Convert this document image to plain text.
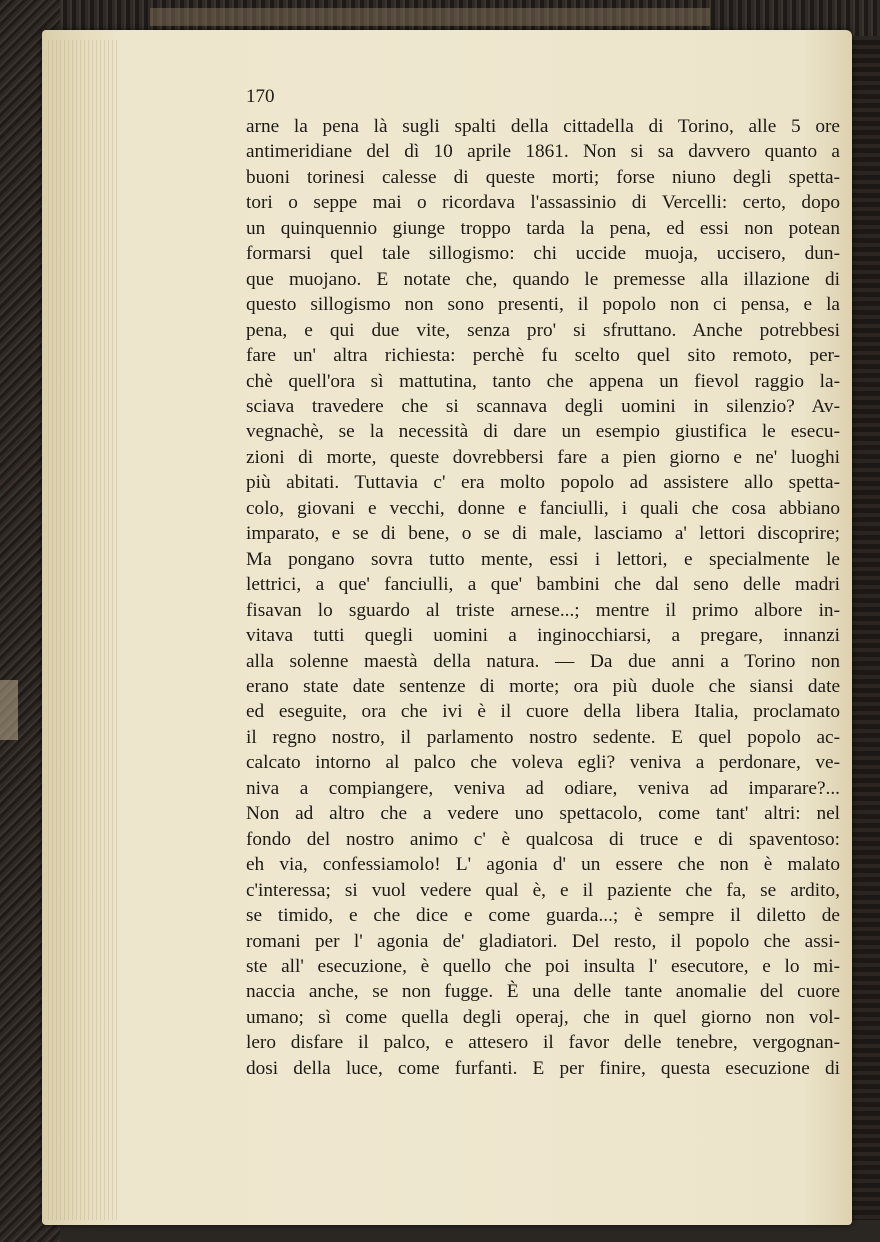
170
arne la pena là sugli spalti della cittadella di Torino, alle 5 ore
antimeridiane del dì 10 aprile 1861. Non si sa davvero quanto a
buoni torinesi calesse di queste morti; forse niuno degli spetta-
tori o seppe mai o ricordava l'assassinio di Vercelli: certo, dopo
un quinquennio giunge troppo tarda la pena, ed essi non potean
formarsi quel tale sillogismo: chi uccide muoja, uccisero, dun-
que muojano. E notate che, quando le premesse alla illazione di
questo sillogismo non sono presenti, il popolo non ci pensa, e la
pena, e qui due vite, senza pro' si sfruttano. Anche potrebbesi
fare un' altra richiesta: perchè fu scelto quel sito remoto, per-
chè quell'ora sì mattutina, tanto che appena un fievol raggio la-
sciava travedere che si scannava degli uomini in silenzio? Av-
vegnachè, se la necessità di dare un esempio giustifica le esecu-
zioni di morte, queste dovrebbersi fare a pien giorno e ne' luoghi
più abitati. Tuttavia c' era molto popolo ad assistere allo spetta-
colo, giovani e vecchi, donne e fanciulli, i quali che cosa abbiano
imparato, e se di bene, o se di male, lasciamo a' lettori discoprire;
Ma pongano sovra tutto mente, essi i lettori, e specialmente le
lettrici, a que' fanciulli, a que' bambini che dal seno delle madri
fisavan lo sguardo al triste arnese...; mentre il primo albore in-
vitava tutti quegli uomini a inginocchiarsi, a pregare, innanzi
alla solenne maestà della natura. — Da due anni a Torino non
erano state date sentenze di morte; ora più duole che siansi date
ed eseguite, ora che ivi è il cuore della libera Italia, proclamato
il regno nostro, il parlamento nostro sedente. E quel popolo ac-
calcato intorno al palco che voleva egli? veniva a perdonare, ve-
niva a compiangere, veniva ad odiare, veniva ad imparare?...
Non ad altro che a vedere uno spettacolo, come tant' altri: nel
fondo del nostro animo c' è qualcosa di truce e di spaventoso:
eh via, confessiamolo! L' agonia d' un essere che non è malato
c'interessa; si vuol vedere qual è, e il paziente che fa, se ardito,
se timido, e che dice e come guarda...; è sempre il diletto de
romani per l' agonia de' gladiatori. Del resto, il popolo che assi-
ste all' esecuzione, è quello che poi insulta l' esecutore, e lo mi-
naccia anche, se non fugge. È una delle tante anomalie del cuore
umano; sì come quella degli operaj, che in quel giorno non vol-
lero disfare il palco, e attesero il favor delle tenebre, vergognan-
dosi della luce, come furfanti. E per finire, questa esecuzione di
